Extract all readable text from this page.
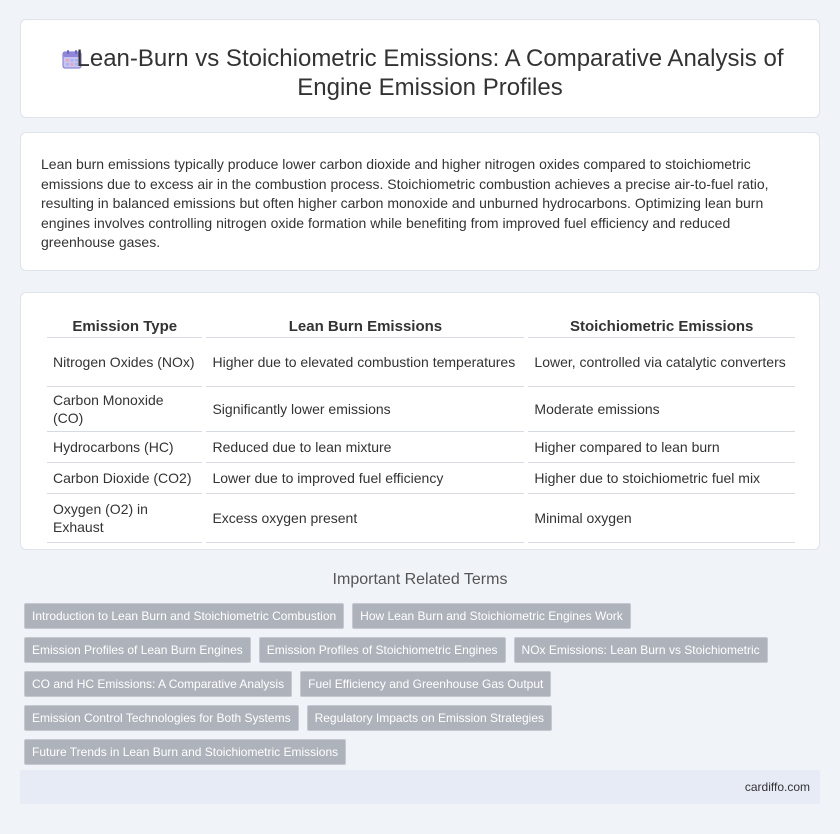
Lean-Burn vs Stoichiometric Emissions: A Comparative Analysis of Engine Emission Profiles

Lean burn emissions typically produce lower carbon dioxide and higher nitrogen oxides compared to stoichiometric emissions due to excess air in the combustion process. Stoichiometric combustion achieves a precise air-to-fuel ratio, resulting in balanced emissions but often higher carbon monoxide and unburned hydrocarbons. Optimizing lean burn engines involves controlling nitrogen oxide formation while benefiting from improved fuel efficiency and reduced greenhouse gases.

Emission Type	Lean Burn Emissions	Stoichiometric Emissions
Nitrogen Oxides (NOx)	Higher due to elevated combustion temperatures	Lower, controlled via catalytic converters
Carbon Monoxide (CO)	Significantly lower emissions	Moderate emissions
Hydrocarbons (HC)	Reduced due to lean mixture	Higher compared to lean burn
Carbon Dioxide (CO2)	Lower due to improved fuel efficiency	Higher due to stoichiometric fuel mix
Oxygen (O2) in Exhaust	Excess oxygen present	Minimal oxygen
Important Related Terms
Introduction to Lean Burn and Stoichiometric Combustion	How Lean Burn and Stoichiometric Engines Work
Emission Profiles of Lean Burn Engines	Emission Profiles of Stoichiometric Engines	NOx Emissions: Lean Burn vs Stoichiometric
CO and HC Emissions: A Comparative Analysis	Fuel Efficiency and Greenhouse Gas Output
Emission Control Technologies for Both Systems	Regulatory Impacts on Emission Strategies
Future Trends in Lean Burn and Stoichiometric Emissions
cardiffo.com
